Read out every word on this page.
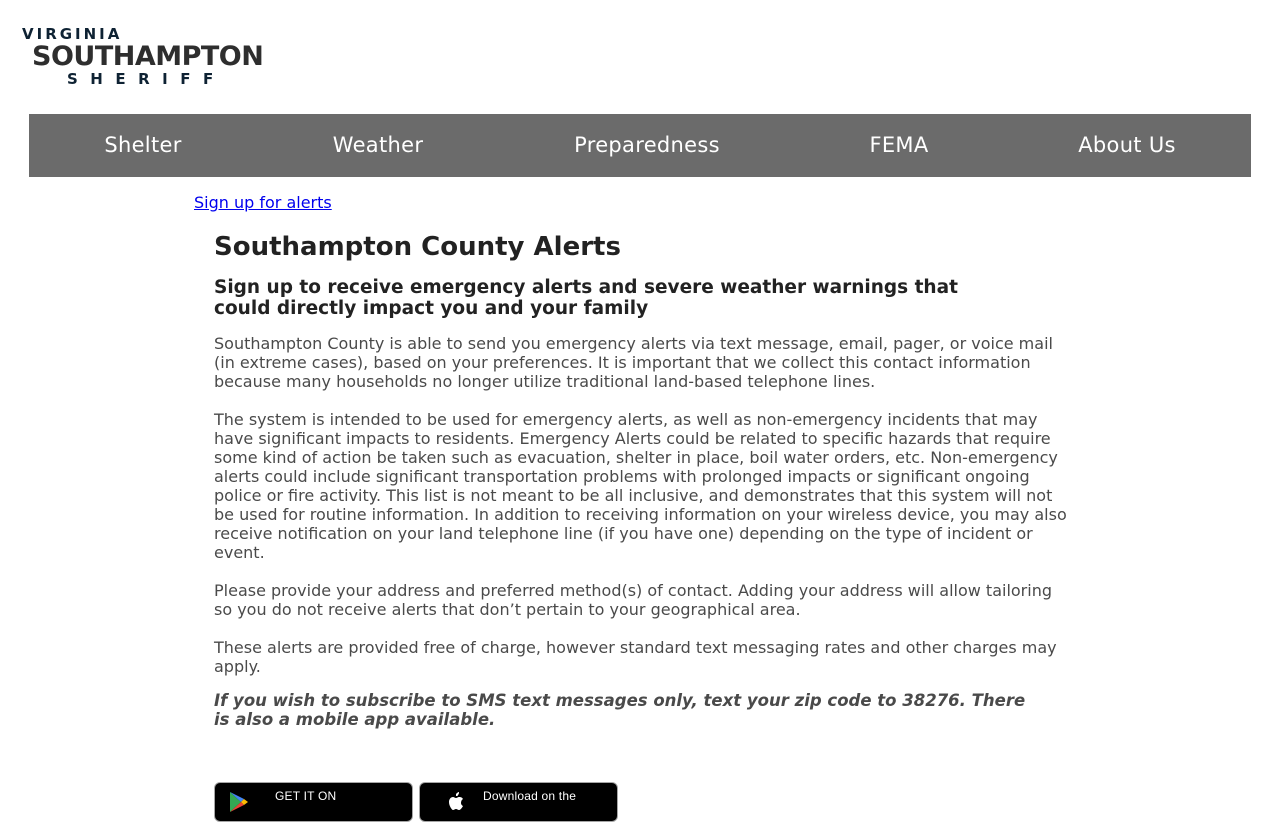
VIRGINIA
SOUTHAMPTON
SHERIFF
Shelter	Weather	Preparedness	FEMA	About Us
Sign up for alerts
Southampton County Alerts
Sign up to receive emergency alerts and severe weather warnings that could directly impact you and your family

Southampton County is able to send you emergency alerts via text message, email, pager, or voice mail (in extreme cases), based on your preferences. It is important that we collect this contact information because many households no longer utilize traditional land-based telephone lines.

The system is intended to be used for emergency alerts, as well as non-emergency incidents that may have significant impacts to residents. Emergency Alerts could be related to specific hazards that require some kind of action be taken such as evacuation, shelter in place, boil water orders, etc. Non-emergency alerts could include significant transportation problems with prolonged impacts or significant ongoing police or fire activity. This list is not meant to be all inclusive, and demonstrates that this system will not be used for routine information. In addition to receiving information on your wireless device, you may also receive notification on your land telephone line (if you have one) depending on the type of incident or event.

Please provide your address and preferred method(s) of contact. Adding your address will allow tailoring so you do not receive alerts that don’t pertain to your geographical area.

These alerts are provided free of charge, however standard text messaging rates and other charges may apply.

If you wish to subscribe to SMS text messages only, text your zip code to 38276. There is also a mobile app available.

GET IT ON	Download on the
